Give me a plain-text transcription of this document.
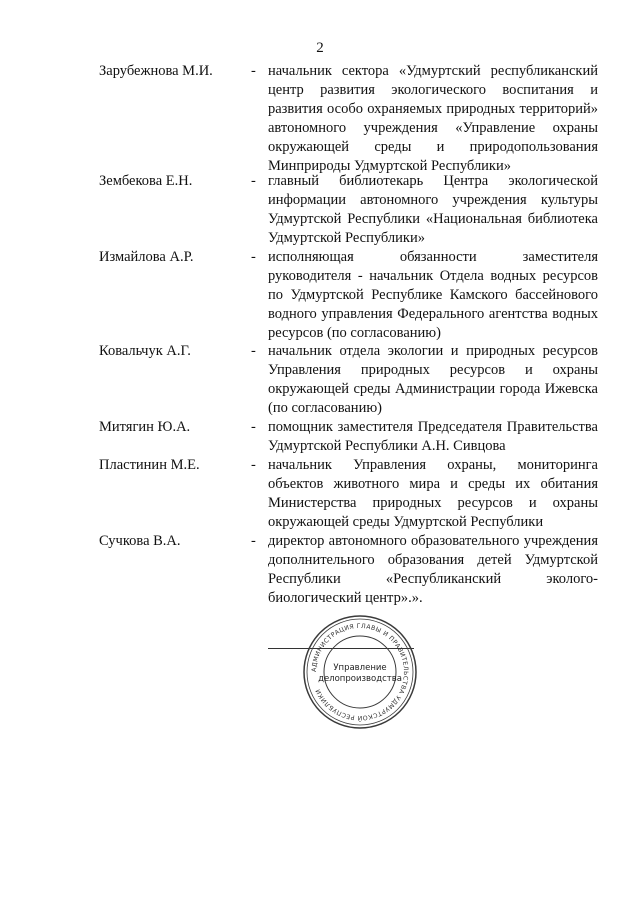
2
Зарубежнова М.И.	- начальник сектора «Удмуртский республиканский центр развития экологического воспитания и развития особо охраняемых природных территорий» автономного учреждения «Управление охраны окружающей среды и природопользования Минприроды Удмуртской Республики»
Зембекова Е.Н.	- главный библиотекарь Центра экологической информации автономного учреждения культуры Удмуртской Республики «Национальная библиотека Удмуртской Республики»
Измайлова А.Р.	- исполняющая обязанности заместителя руководителя - начальник Отдела водных ресурсов по Удмуртской Республике Камского бассейнового водного управления Федерального агентства водных ресурсов (по согласованию)
Ковальчук А.Г.	- начальник отдела экологии и природных ресурсов Управления природных ресурсов и охраны окружающей среды Администрации города Ижевска (по согласованию)
Митягин Ю.А.	- помощник заместителя Председателя Правительства Удмуртской Республики А.Н. Сивцова
Пластинин М.Е.	- начальник Управления охраны, мониторинга объектов животного мира и среды их обитания Министерства природных ресурсов и охраны окружающей среды Удмуртской Республики
Сучкова В.А.	- директор автономного образовательного учреждения дополнительного образования детей Удмуртской Республики «Республиканский эколого-биологический центр».».
АДМИНИСТРАЦИЯ ГЛАВЫ И ПРАВИТЕЛЬСТВА УДМУРТСКОЙ РЕСПУБЛИКИ
Управление
делопроизводства
